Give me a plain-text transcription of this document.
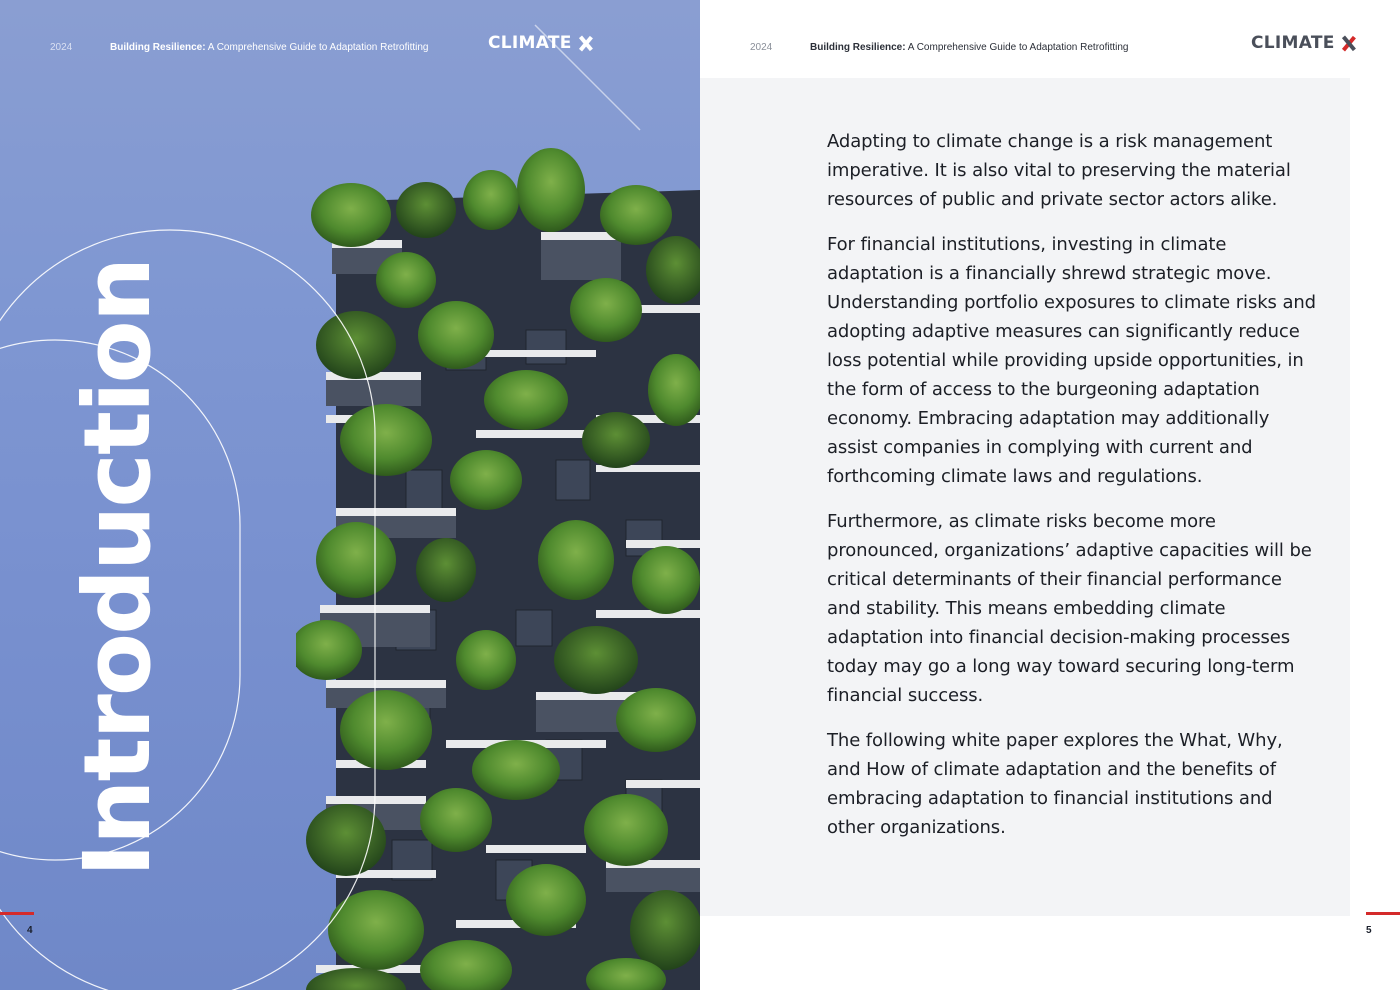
2024	Building Resilience: A Comprehensive Guide to Adaptation Retrofitting	CLIMATE
Introduction
4
2024	Building Resilience: A Comprehensive Guide to Adaptation Retrofitting	CLIMATE

Adapting to climate change is a risk management imperative. It is also vital to preserving the material resources of public and private sector actors alike.

For financial institutions, investing in climate adaptation is a financially shrewd strategic move. Understanding portfolio exposures to climate risks and adopting adaptive measures can significantly reduce loss potential while providing upside opportunities, in the form of access to the burgeoning adaptation economy. Embracing adaptation may additionally assist companies in complying with current and forthcoming climate laws and regulations.

Furthermore, as climate risks become more pronounced, organizations’ adaptive capacities will be critical determinants of their financial performance and stability. This means embedding climate adaptation into financial decision-making processes today may go a long way toward securing long-term financial success.

The following white paper explores the What, Why, and How of climate adaptation and the benefits of embracing adaptation to financial institutions and other organizations.

5
